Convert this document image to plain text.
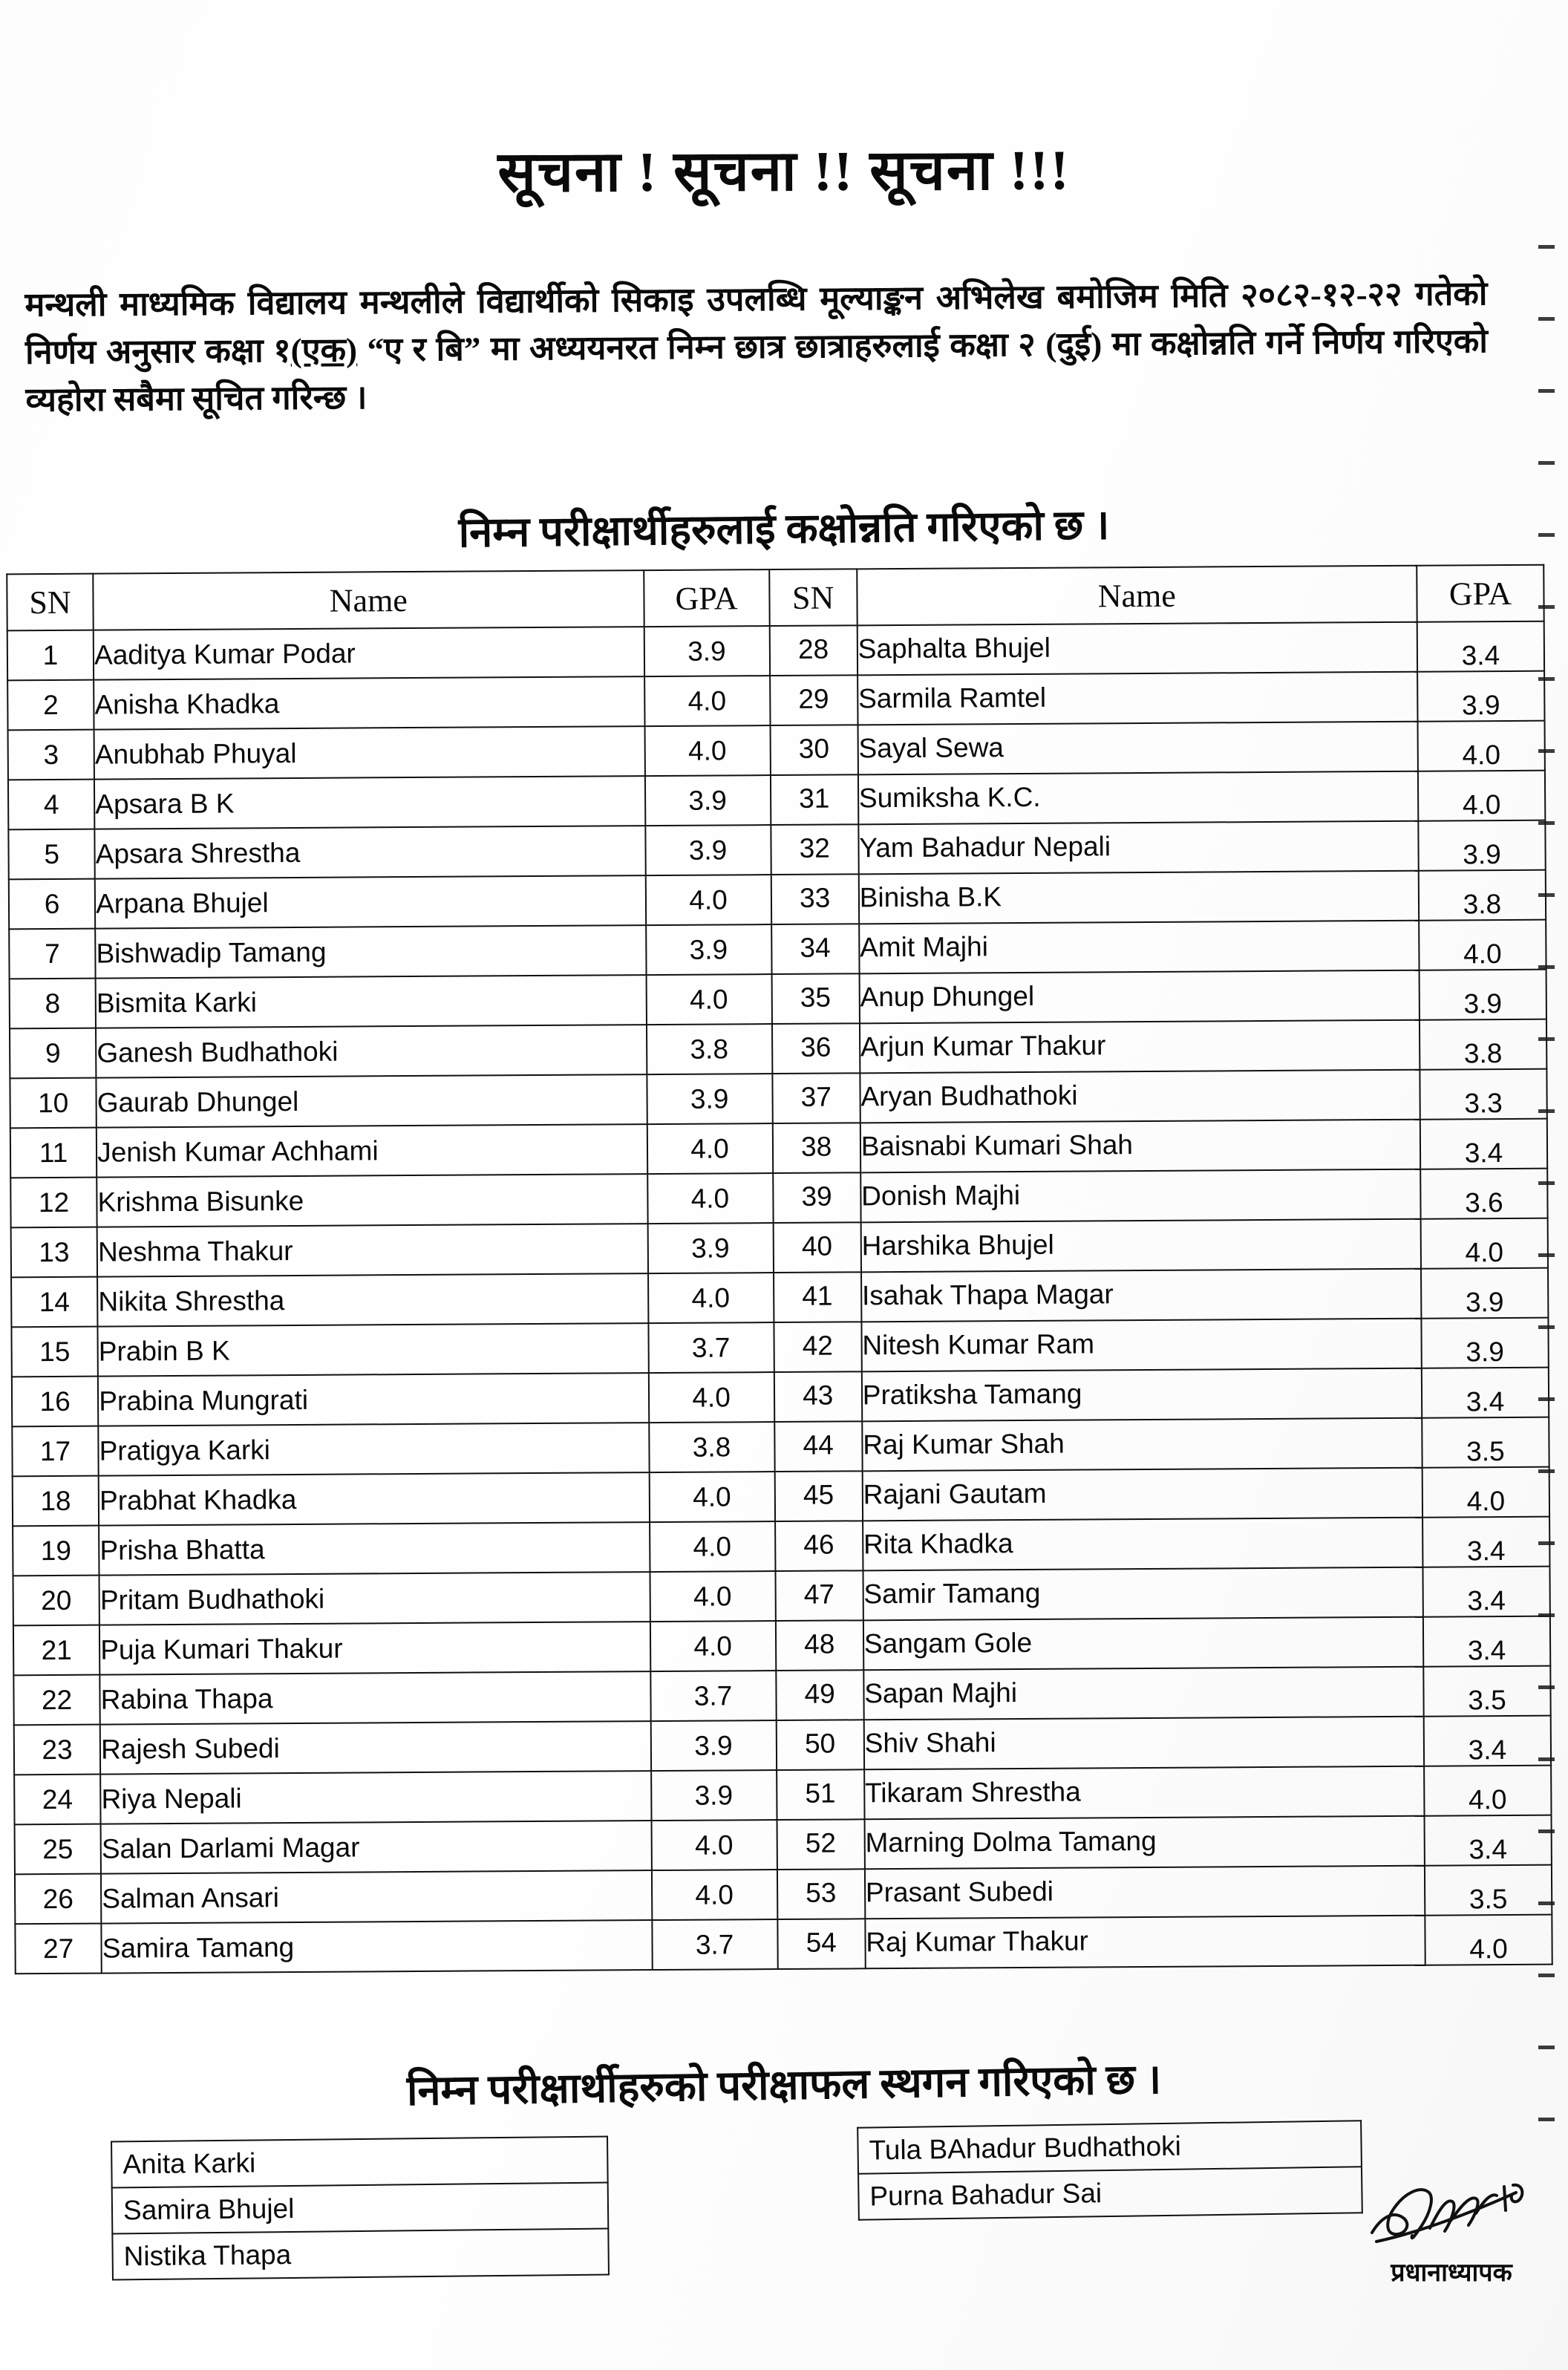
सूचना ! सूचना !! सूचना !!!
मन्थली माध्यमिक विद्यालय मन्थलीले विद्यार्थीको सिकाइ उपलब्धि मूल्याङ्कन अभिलेख बमोजिम मिति २०८२-१२-२२ गतेको निर्णय अनुसार कक्षा १(एक) “ए र बि” मा अध्ययनरत निम्न छात्र छात्राहरुलाई कक्षा २ (दुई) मा कक्षोन्नति गर्ने निर्णय गरिएको व्यहोरा सबैमा सूचित गरिन्छ ।
निम्न परीक्षार्थीहरुलाई कक्षोन्नति गरिएको छ ।
SN	Name	GPA	SN	Name	GPA
1	Aaditya Kumar Podar	3.9	28	Saphalta Bhujel	3.4
2	Anisha Khadka	4.0	29	Sarmila Ramtel	3.9
3	Anubhab Phuyal	4.0	30	Sayal Sewa	4.0
4	Apsara B K	3.9	31	Sumiksha K.C.	4.0
5	Apsara Shrestha	3.9	32	Yam Bahadur Nepali	3.9
6	Arpana Bhujel	4.0	33	Binisha B.K	3.8
7	Bishwadip Tamang	3.9	34	Amit Majhi	4.0
8	Bismita Karki	4.0	35	Anup Dhungel	3.9
9	Ganesh Budhathoki	3.8	36	Arjun Kumar Thakur	3.8
10	Gaurab Dhungel	3.9	37	Aryan Budhathoki	3.3
11	Jenish Kumar Achhami	4.0	38	Baisnabi Kumari Shah	3.4
12	Krishma Bisunke	4.0	39	Donish Majhi	3.6
13	Neshma Thakur	3.9	40	Harshika Bhujel	4.0
14	Nikita Shrestha	4.0	41	Isahak Thapa Magar	3.9
15	Prabin B K	3.7	42	Nitesh Kumar Ram	3.9
16	Prabina Mungrati	4.0	43	Pratiksha Tamang	3.4
17	Pratigya Karki	3.8	44	Raj Kumar Shah	3.5
18	Prabhat Khadka	4.0	45	Rajani Gautam	4.0
19	Prisha Bhatta	4.0	46	Rita Khadka	3.4
20	Pritam Budhathoki	4.0	47	Samir Tamang	3.4
21	Puja Kumari Thakur	4.0	48	Sangam Gole	3.4
22	Rabina Thapa	3.7	49	Sapan Majhi	3.5
23	Rajesh Subedi	3.9	50	Shiv Shahi	3.4
24	Riya Nepali	3.9	51	Tikaram Shrestha	4.0
25	Salan Darlami Magar	4.0	52	Marning Dolma Tamang	3.4
26	Salman Ansari	4.0	53	Prasant Subedi	3.5
27	Samira Tamang	3.7	54	Raj Kumar Thakur	4.0
निम्न परीक्षार्थीहरुको परीक्षाफल स्थगन गरिएको छ ।
Anita Karki
Samira Bhujel
Nistika Thapa
Tula BAhadur Budhathoki
Purna Bahadur Sai
प्रधानाध्यापक
